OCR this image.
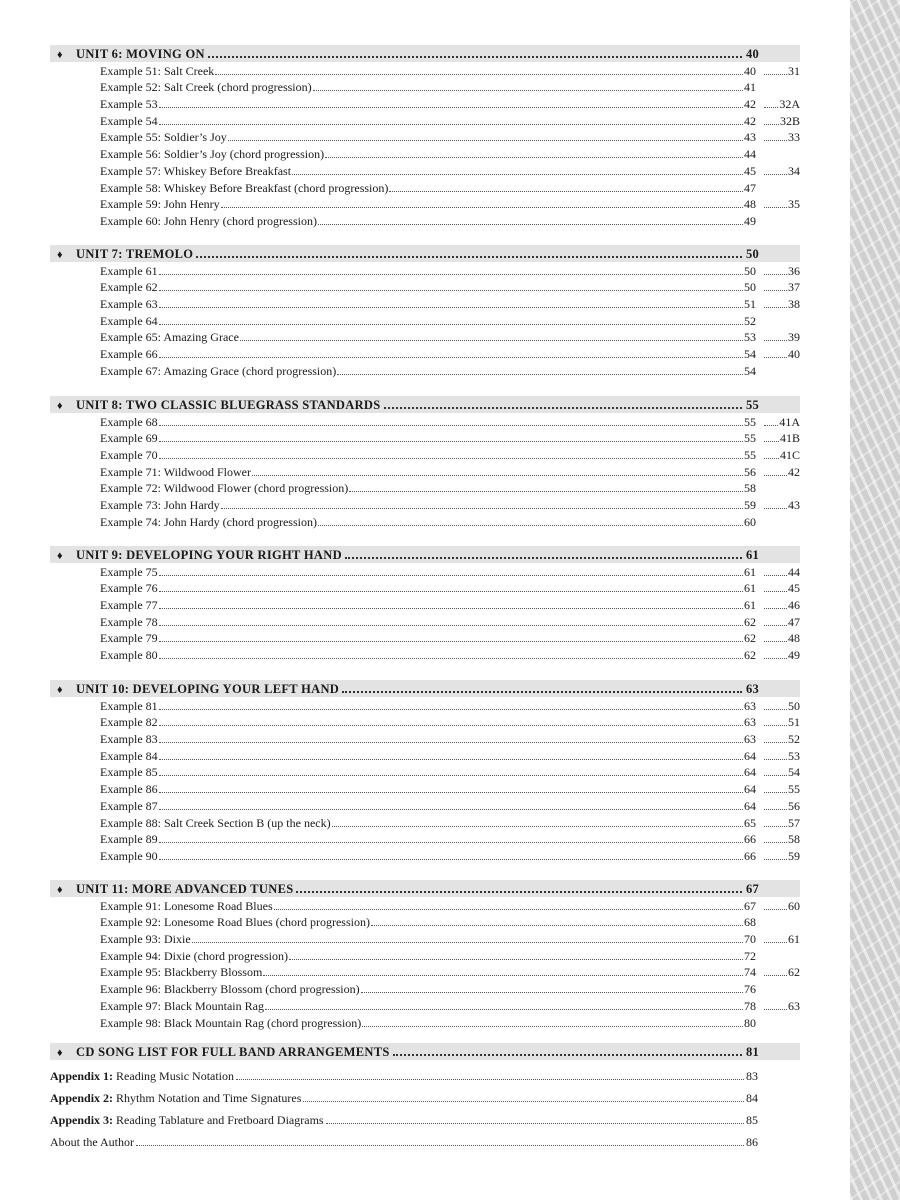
♦	UNIT 6: MOVING ON	40
Example 51: Salt Creek	40	31
Example 52: Salt Creek (chord progression)	41
Example 53	42	32A
Example 54	42	32B
Example 55: Soldier’s Joy	43	33
Example 56: Soldier’s Joy (chord progression)	44
Example 57: Whiskey Before Breakfast	45	34
Example 58: Whiskey Before Breakfast (chord progression)	47
Example 59: John Henry	48	35
Example 60: John Henry (chord progression)	49
♦	UNIT 7: TREMOLO	50
Example 61	50	36
Example 62	50	37
Example 63	51	38
Example 64	52
Example 65: Amazing Grace	53	39
Example 66	54	40
Example 67: Amazing Grace (chord progression)	54
♦	UNIT 8: TWO CLASSIC BLUEGRASS STANDARDS	55
Example 68	55	41A
Example 69	55	41B
Example 70	55	41C
Example 71: Wildwood Flower	56	42
Example 72: Wildwood Flower (chord progression)	58
Example 73: John Hardy	59	43
Example 74: John Hardy (chord progression)	60
♦	UNIT 9: DEVELOPING YOUR RIGHT HAND	61
Example 75	61	44
Example 76	61	45
Example 77	61	46
Example 78	62	47
Example 79	62	48
Example 80	62	49
♦	UNIT 10: DEVELOPING YOUR LEFT HAND	63
Example 81	63	50
Example 82	63	51
Example 83	63	52
Example 84	64	53
Example 85	64	54
Example 86	64	55
Example 87	64	56
Example 88: Salt Creek Section B (up the neck)	65	57
Example 89	66	58
Example 90	66	59
♦	UNIT 11: MORE ADVANCED TUNES	67
Example 91: Lonesome Road Blues	67	60
Example 92: Lonesome Road Blues (chord progression)	68
Example 93: Dixie	70	61
Example 94: Dixie (chord progression)	72
Example 95: Blackberry Blossom	74	62
Example 96: Blackberry Blossom (chord progression)	76
Example 97: Black Mountain Rag	78	63
Example 98: Black Mountain Rag (chord progression)	80
♦	CD SONG LIST FOR FULL BAND ARRANGEMENTS	81
Appendix 1: Reading Music Notation	83
Appendix 2: Rhythm Notation and Time Signatures	84
Appendix 3: Reading Tablature and Fretboard Diagrams	85
About the Author	86
